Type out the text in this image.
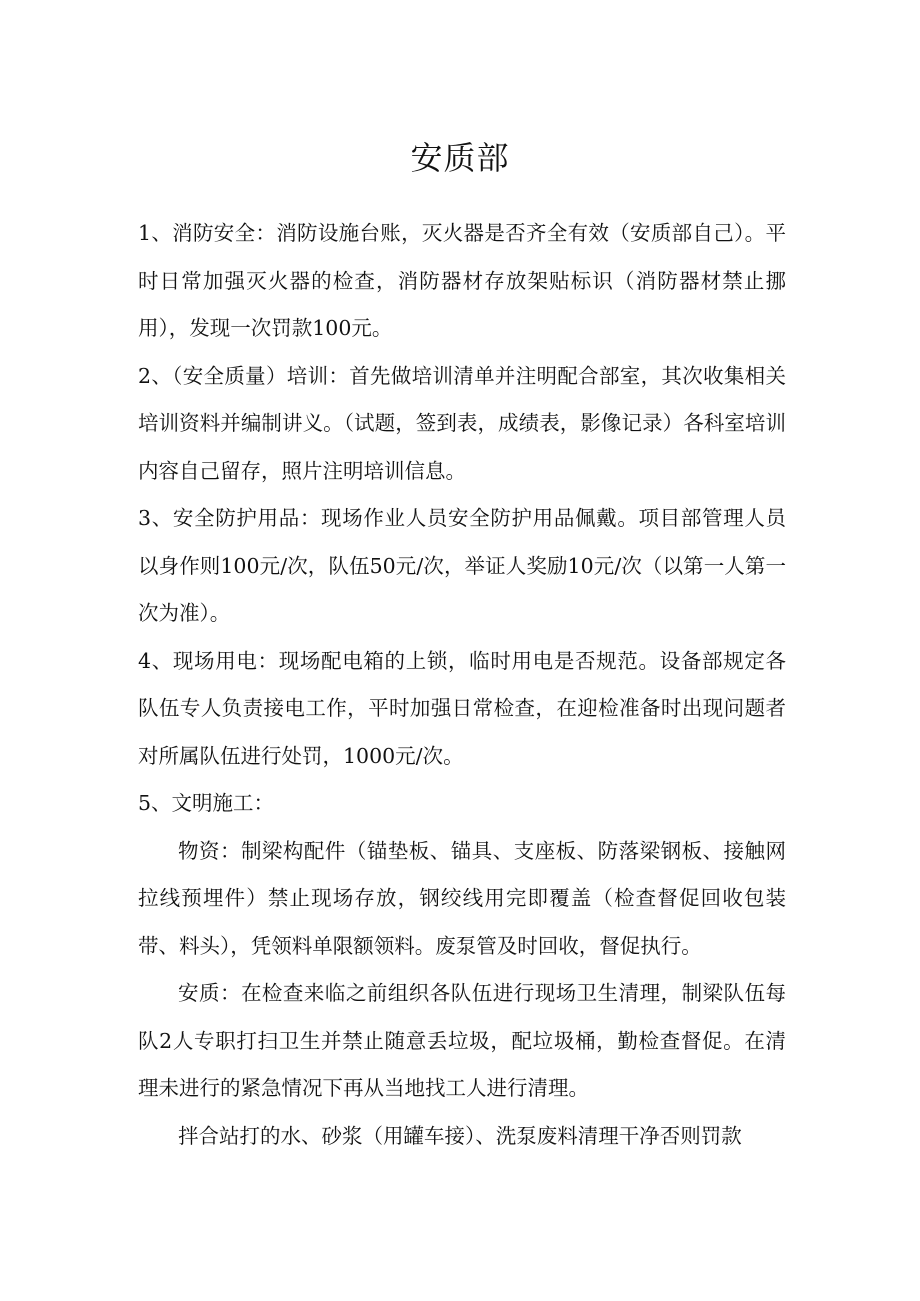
安质部

1、消防安全：消防设施台账，灭火器是否齐全有效（安质部自己）。平时日常加强灭火器的检查，消防器材存放架贴标识（消防器材禁止挪用），发现一次罚款100元。

2、（安全质量）培训：首先做培训清单并注明配合部室，其次收集相关培训资料并编制讲义。（试题，签到表，成绩表，影像记录）各科室培训内容自己留存，照片注明培训信息。

3、安全防护用品：现场作业人员安全防护用品佩戴。项目部管理人员以身作则100元/次，队伍50元/次，举证人奖励10元/次（以第一人第一次为准）。

4、现场用电：现场配电箱的上锁，临时用电是否规范。设备部规定各队伍专人负责接电工作，平时加强日常检查，在迎检准备时出现问题者对所属队伍进行处罚，1000元/次。

5、文明施工：

物资：制梁构配件（锚垫板、锚具、支座板、防落梁钢板、接触网拉线预埋件）禁止现场存放，钢绞线用完即覆盖（检查督促回收包装带、料头），凭领料单限额领料。废泵管及时回收，督促执行。

安质：在检查来临之前组织各队伍进行现场卫生清理，制梁队伍每队2人专职打扫卫生并禁止随意丢垃圾，配垃圾桶，勤检查督促。在清理未进行的紧急情况下再从当地找工人进行清理。

拌合站打的水、砂浆（用罐车接）、洗泵废料清理干净否则罚款
